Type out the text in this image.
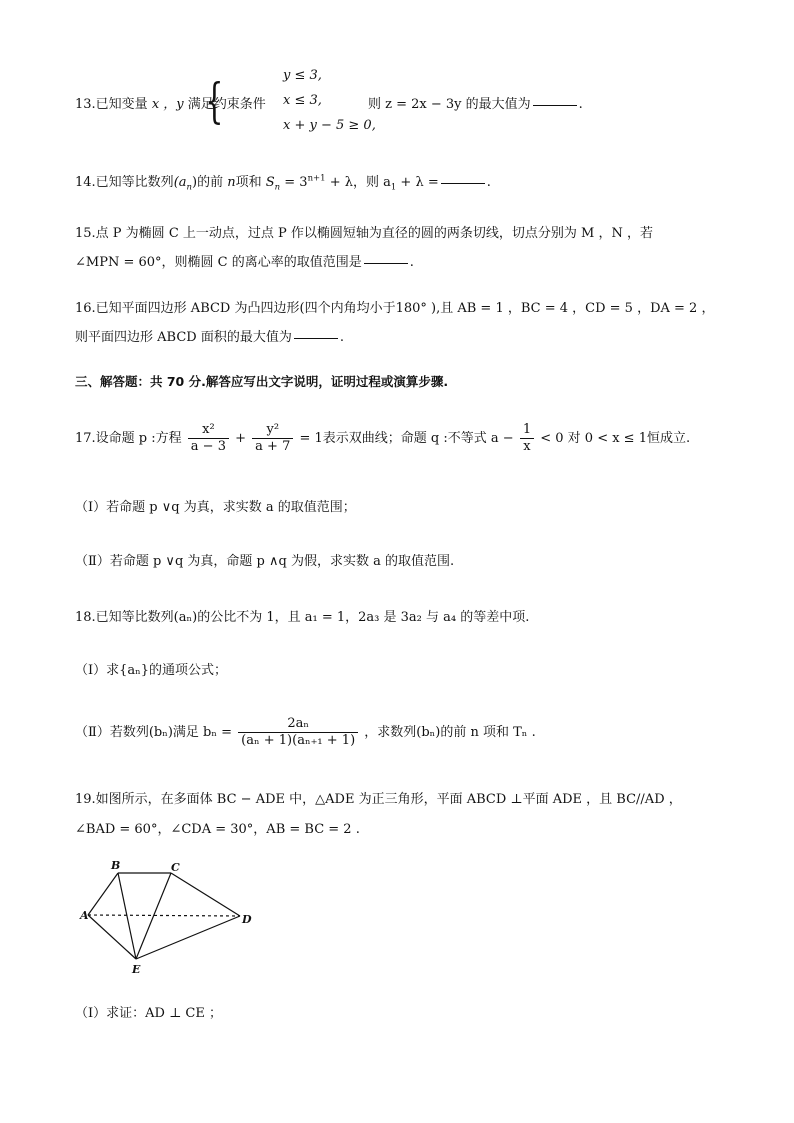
13.已知变量 x ，y 满足约束条件
{	y ≤ 3,
x ≤ 3,
x + y − 5 ≥ 0,
则 z = 2x − 3y 的最大值为	.
14.已知等比数列$(a_n)$的前 n项和 $S_n = 3^{n+1} + \lambda$，则 $a_1 + \lambda$ =	.
15.点 P 为椭圆 C 上一动点，过点 P 作以椭圆短轴为直径的圆的两条切线，切点分别为 M ，N ，若
∠MPN = 60°，则椭圆 C 的离心率的取值范围是	.
16.已知平面四边形 ABCD 为凸四边形(四个内角均小于180° ),且 AB = 1 ，BC = 4 ，CD = 5 ，DA = 2 ，
则平面四边形 ABCD 面积的最大值为	.
三、解答题：共 70 分.解答应写出文字说明，证明过程或演算步骤.
17.设命题 p :方程 $\frac{\text{x²}}{a - 3} + \frac{\text{y²}}{a + 7} = 1$表示双曲线；命题 q :不等式 $a - \frac{1}{x} < 0$ 对 0 < x ≤ 1恒成立.
（Ⅰ）若命题 p ∨q 为真，求实数 a 的取值范围；
（Ⅱ）若命题 p ∨q 为真，命题 p ∧q 为假，求实数 a 的取值范围.
18.已知等比数列(aₙ)的公比不为 1，且 a₁ = 1，2a₃ 是 3a₂ 与 a₄ 的等差中项.
（Ⅰ）求{aₙ}的通项公式；
（Ⅱ）若数列(bₙ)满足 $b_n = \frac{\text{2aₙ}}{\text{(aₙ + 1)(aₙ₊₁ + 1)}}$ ，求数列(bₙ)的前 n 项和 Tₙ .
19.如图所示，在多面体 BC − ADE 中，△ADE 为正三角形，平面 ABCD ⊥平面 ADE ，且 BC//AD ，
∠BAD = 60°，∠CDA = 30°，AB = BC = 2 .
B	C
A	D
E
（Ⅰ）求证：AD ⊥ CE ；
